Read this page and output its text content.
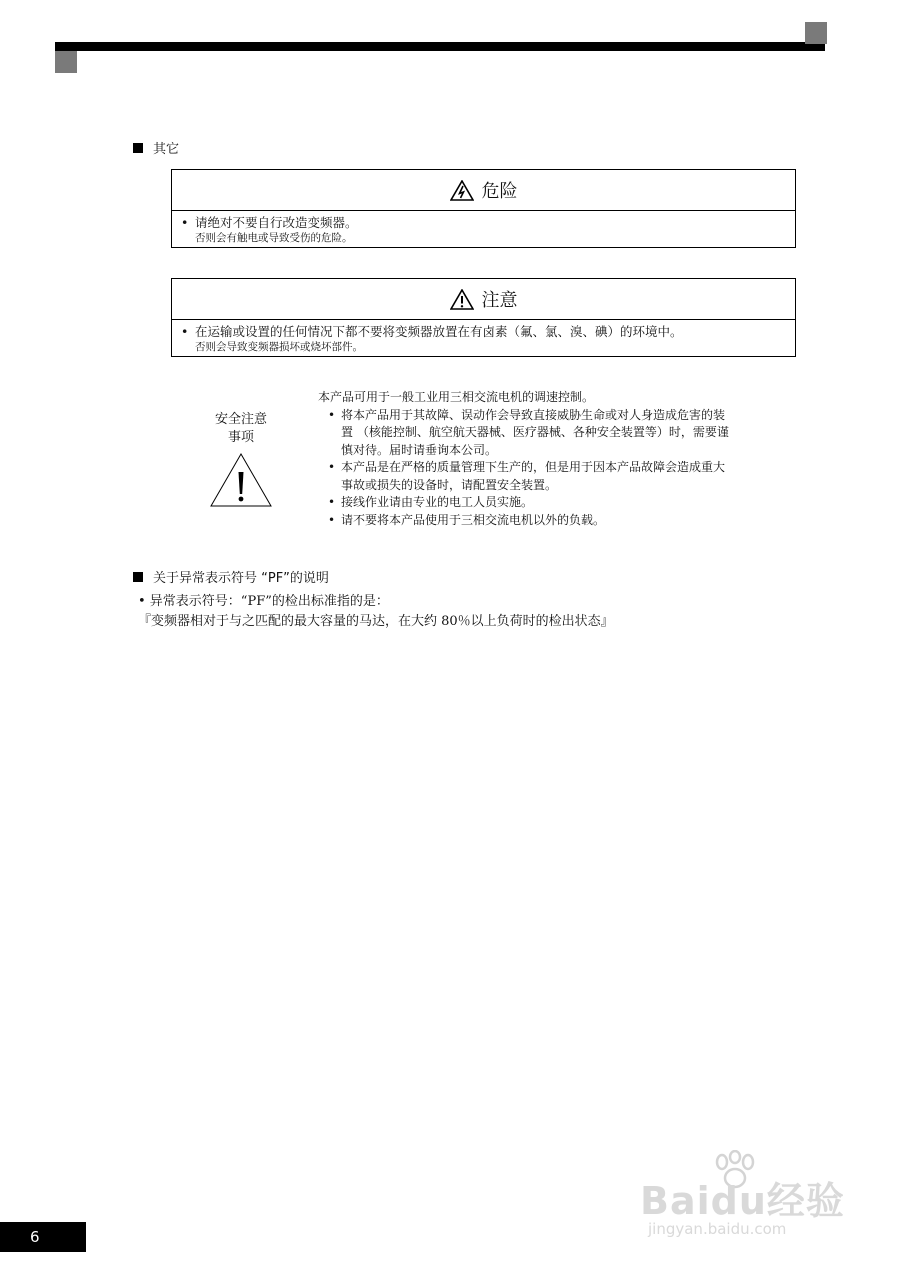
其它
危险
• 请绝对不要自行改造变频器。
否则会有触电或导致受伤的危险。
注意
• 在运输或设置的任何情况下都不要将变频器放置在有卤素（氟、氯、溴、碘）的环境中。
否则会导致变频器损坏或烧坏部件。
安全注意
事项
本产品可用于一般工业用三相交流电机的调速控制。
• 将本产品用于其故障、误动作会导致直接威胁生命或对人身造成危害的装
置 （核能控制、航空航天器械、医疗器械、各种安全装置等）时，需要谨
慎对待。届时请垂询本公司。
• 本产品是在严格的质量管理下生产的，但是用于因本产品故障会造成重大
事故或损失的设备时，请配置安全装置。
• 接线作业请由专业的电工人员实施。
• 请不要将本产品使用于三相交流电机以外的负载。
关于异常表示符号 “PF”的说明
• 异常表示符号：“PF”的检出标准指的是：
『变频器相对于与之匹配的最大容量的马达，在大约 80％以上负荷时的检出状态』
Baidu经验
jingyan.baidu.com
6
